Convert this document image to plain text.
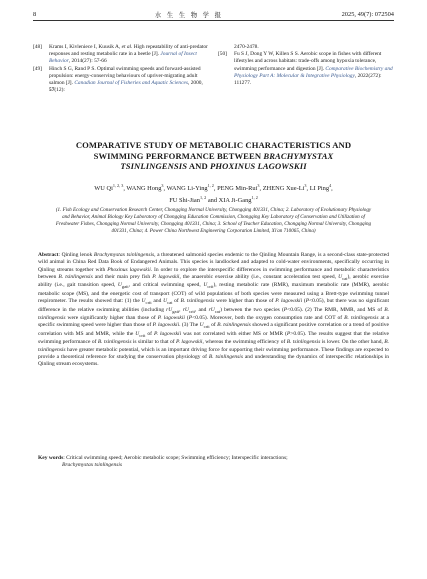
8	水 生 生 物 学 报	2025, 49(7): 072504
[48]	Krams I, Kivleniece I, Kuusik A, et al. High repeatability of anti-predator responses and resting metabolic rate in a beetle [J]. Journal of Insect Behavior, 2014(27): 57-66
[49]	Hinch S G, Rand P S. Optimal swimming speeds and forward-assisted propulsion: energy-conserving behaviours of upriver-migrating adult salmon [J]. Canadian Journal of Fisheries and Aquatic Sciences, 2000, 57(12):
2470-2478.
[50]	Fu S J, Dong Y W, Killen S S. Aerobic scope in fishes with different lifestyles and across habitats: trade-offs among hypoxia tolerance, swimming performance and digestion [J]. Comparative Biochemistry and Physiology Part A: Molecular & Integrative Physiology, 2022(272): 111277.
COMPARATIVE STUDY OF METABOLIC CHARACTERISTICS AND
SWIMMING PERFORMANCE BETWEEN BRACHYMYSTAX
TSINLINGENSIS AND PHOXINUS LAGOWSKII
WU Qi$^{1, 2, 3}$, WANG Hong$^3$, WANG Li-Ying$^{1, 2}$, PENG Min-Rui$^3$, ZHENG Xue-Li$^3$, LI Ping$^4$,
FU Shi-Jian$^{1, 2}$ and XIA Ji-Gang$^{1, 2}$
(1. Fish Ecology and Conservation Research Center, Chongqing Normal University, Chongqing 401331, China; 2. Laboratory of Evolutionary Physiology and Behavior, Animal Biology Key Laboratory of Chongqing Education Commission, Chongqing Key Laboratory of Conservation and Utilization of Freshwater Fishes, Chongqing Normal University, Chongqing 401331, China; 3. School of Teacher Education, Chongqing Normal University, Chongqing 401331, China; 4. Power China Northwest Engineering Corporation Limited, Xi'an 710065, China)
Abstract: Qinling lenok Brachymystax tsinlingensis, a threatened salmonid species endemic to the Qinling Mountain Range, is a second-class state-protected wild animal in China Red Data Book of Endangered Animals. This species is landlocked and adapted to cold-water environments, specifically occurring in Qinling streams together with Phoxinus lagowskii. In order to explore the interspecific differences in swimming performance and metabolic characteristics between B. tsinlingensis and their main prey fish P. lagowskii, the anaerobic exercise ability (i.e., constant acceleration test speed, $U_{cat}$), aerobic exercise ability (i.e., gait transition speed, $U_{gait}$, and critical swimming speed, $U_{crit}$), resting metabolic rate (RMR), maximum metabolic rate (MMR), aerobic metabolic scope (MS), and the energetic cost of transport (COT) of wild populations of both species were measured using a Brett-type swimming tunnel respirometer. The results showed that: (1) the $U_{crit}$ and $U_{cat}$ of B. tsinlingensis were higher than those of P. lagowskii (P<0.05), but there was no significant difference in the relative swimming abilities (including $rU_{gait}$, $rU_{crit}$, and $rU_{cat}$) between the two species (P<0.05). (2) The RMR, MMR, and MS of B. tsinlingensis were significantly higher than those of P. lagowskii (P<0.05). Moreover, both the oxygen consumption rate and COT of B. tsinlingensis at a specific swimming speed were higher than those of P. lagowskii. (3) The $U_{crit}$ of B. tsinlingensis showed a significant positive correlation or a trend of positive correlation with MS and MMR, while the $U_{crit}$ of P. lagowskii was not correlated with either MS or MMR (P>0.05). The results suggest that the relative swimming performance of B. tsinlingensis is similar to that of P. lagowskii, whereas the swimming efficiency of B. tsinlingensis is lower. On the other hand, B. tsinlingensis have greater metabolic potential, which is an important driving force for supporting their swimming performance. These findings are expected to provide a theoretical reference for studying the conservation physiology of B. tsinlingensis and understanding the dynamics of interspecific relationships in Qinling stream ecosystems.
Key words: Critical swimming speed; Aerobic metabolic scope; Swimming efficiency; Interspecific interactions;
Brachymystax tsinlingensis
